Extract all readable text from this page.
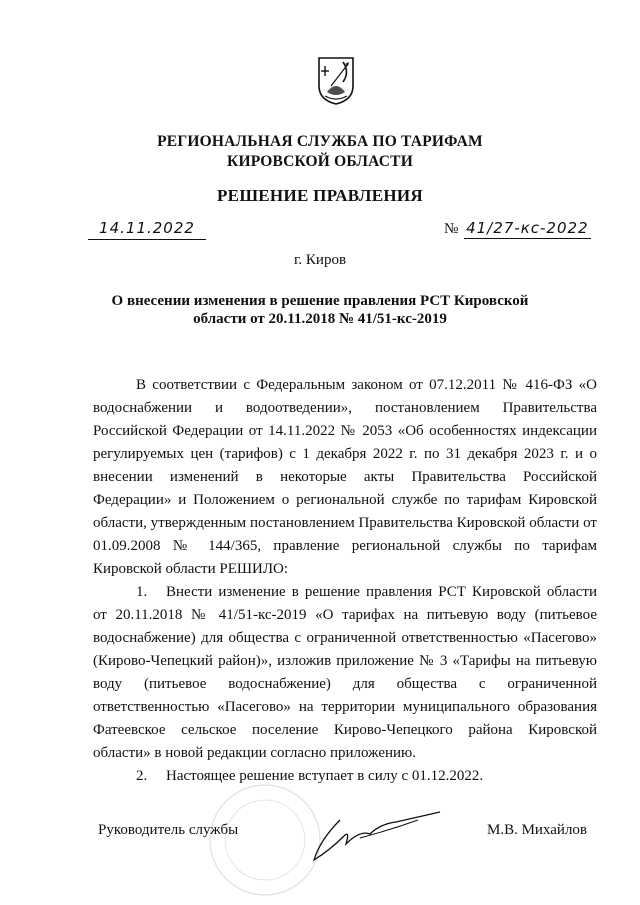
РЕГИОНАЛЬНАЯ СЛУЖБА ПО ТАРИФАМ
КИРОВСКОЙ ОБЛАСТИ
РЕШЕНИЕ ПРАВЛЕНИЯ
14.11.2022	№ 41/27-кс-2022
г. Киров
О внесении изменения в решение правления РСТ Кировской
области от 20.11.2018 № 41/51-кс-2019

В соответствии с Федеральным законом от 07.12.2011 № 416-ФЗ «О водоснабжении и водоотведении», постановлением Правительства Российской Федерации от 14.11.2022 № 2053 «Об особенностях индексации регулируемых цен (тарифов) с 1 декабря 2022 г. по 31 декабря 2023 г. и о внесении изменений в некоторые акты Правительства Российской Федерации» и Положением о региональной службе по тарифам Кировской области, утвержденным постановлением Правительства Кировской области от 01.09.2008 № 144/365, правление региональной службы по тарифам Кировской области РЕШИЛО:

1. Внести изменение в решение правления РСТ Кировской области от 20.11.2018 № 41/51-кс-2019 «О тарифах на питьевую воду (питьевое водоснабжение) для общества с ограниченной ответственностью «Пасегово» (Кирово-Чепецкий район)», изложив приложение № 3 «Тарифы на питьевую воду (питьевое водоснабжение) для общества с ограниченной ответственностью «Пасегово» на территории муниципального образования Фатеевское сельское поселение Кирово-Чепецкого района Кировской области» в новой редакции согласно приложению.

2. Настоящее решение вступает в силу с 01.12.2022.

Руководитель службы	М.В. Михайлов
